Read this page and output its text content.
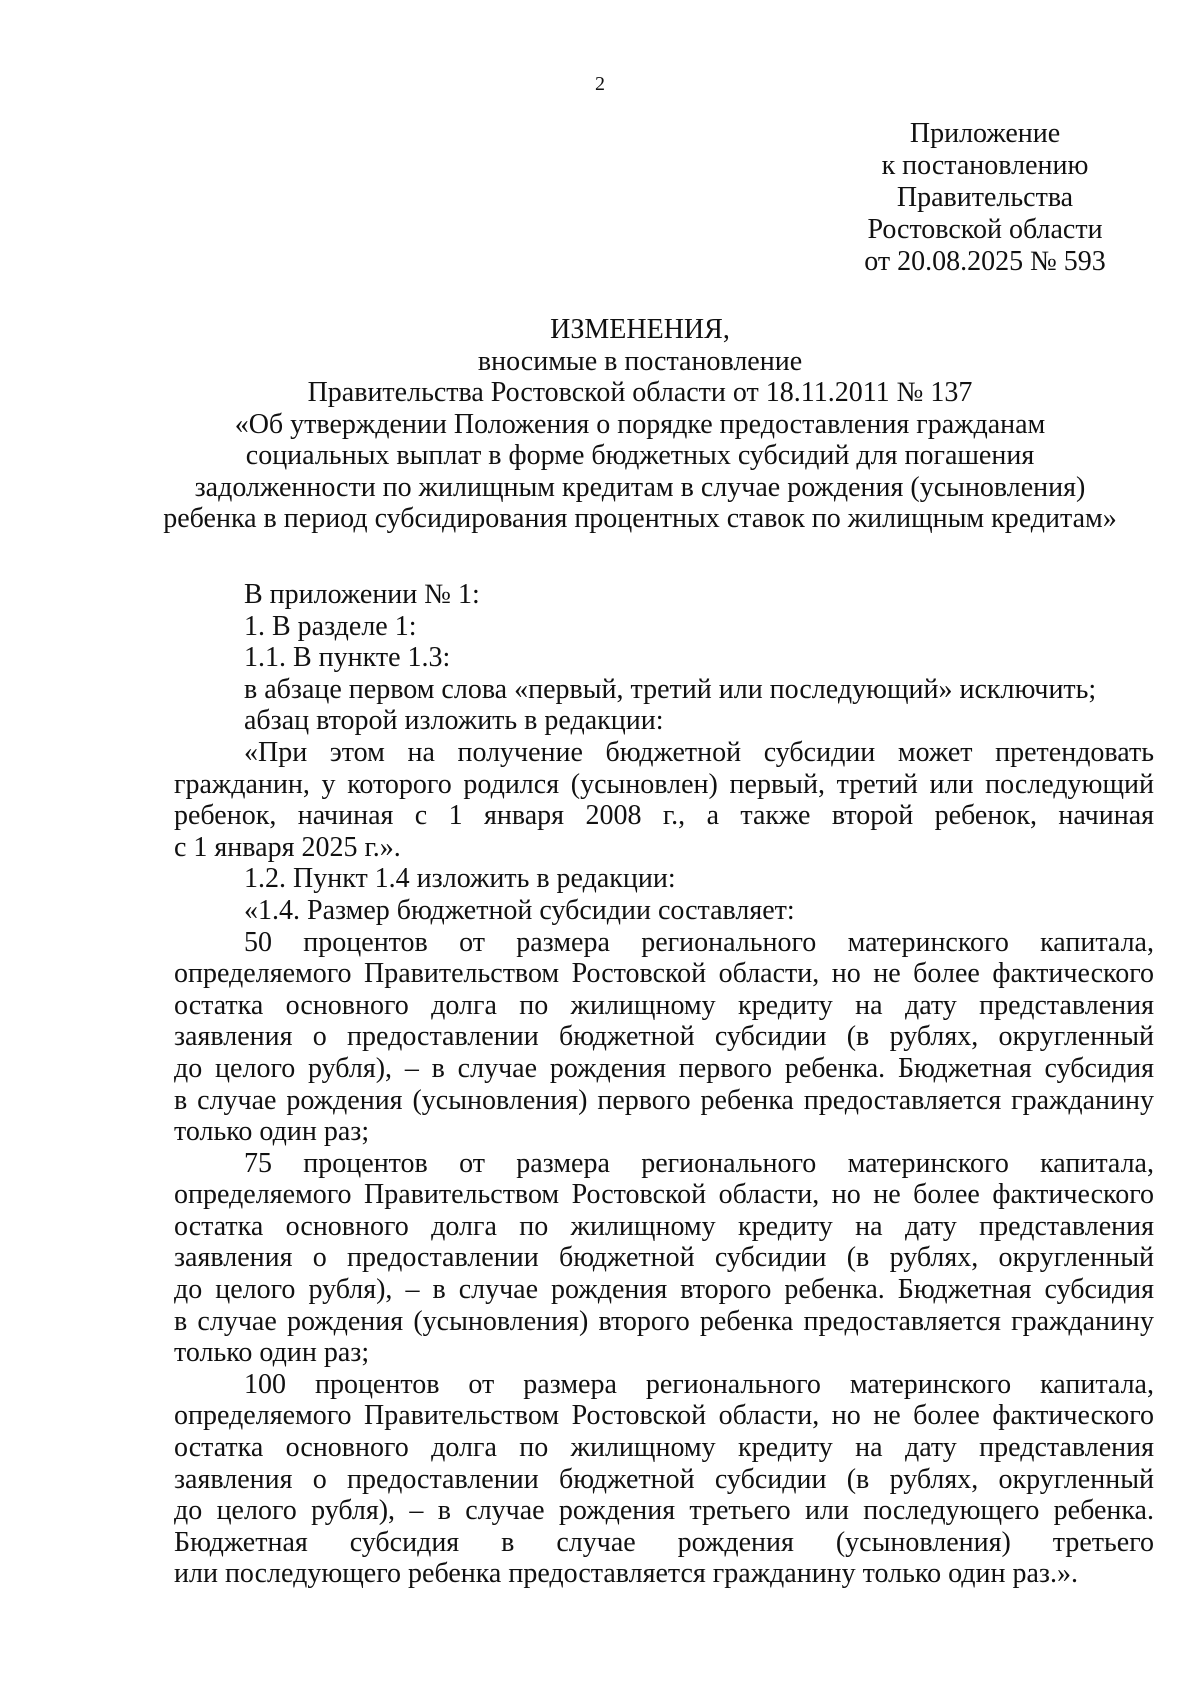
2
Приложение
к постановлению
Правительства
Ростовской области
от 20.08.2025 № 593
ИЗМЕНЕНИЯ,
вносимые в постановление
Правительства Ростовской области от 18.11.2011 № 137
«Об утверждении Положения о порядке предоставления гражданам
социальных выплат в форме бюджетных субсидий для погашения
задолженности по жилищным кредитам в случае рождения (усыновления)
ребенка в период субсидирования процентных ставок по жилищным кредитам»
В приложении № 1:
1. В разделе 1:
1.1. В пункте 1.3:
в абзаце первом слова «первый, третий или последующий» исключить;
абзац второй изложить в редакции:
«При этом на получение бюджетной субсидии может претендовать
гражданин, у которого родился (усыновлен) первый, третий или последующий
ребенок, начиная с 1 января 2008 г., а также второй ребенок, начиная
с 1 января 2025 г.».
1.2. Пункт 1.4 изложить в редакции:
«1.4. Размер бюджетной субсидии составляет:
50 процентов от размера регионального материнского капитала,
определяемого Правительством Ростовской области, но не более фактического
остатка основного долга по жилищному кредиту на дату представления
заявления о предоставлении бюджетной субсидии (в рублях, округленный
до целого рубля), – в случае рождения первого ребенка. Бюджетная субсидия
в случае рождения (усыновления) первого ребенка предоставляется гражданину
только один раз;
75 процентов от размера регионального материнского капитала,
определяемого Правительством Ростовской области, но не более фактического
остатка основного долга по жилищному кредиту на дату представления
заявления о предоставлении бюджетной субсидии (в рублях, округленный
до целого рубля), – в случае рождения второго ребенка. Бюджетная субсидия
в случае рождения (усыновления) второго ребенка предоставляется гражданину
только один раз;
100 процентов от размера регионального материнского капитала,
определяемого Правительством Ростовской области, но не более фактического
остатка основного долга по жилищному кредиту на дату представления
заявления о предоставлении бюджетной субсидии (в рублях, округленный
до целого рубля), – в случае рождения третьего или последующего ребенка.
Бюджетная субсидия в случае рождения (усыновления) третьего
или последующего ребенка предоставляется гражданину только один раз.».
